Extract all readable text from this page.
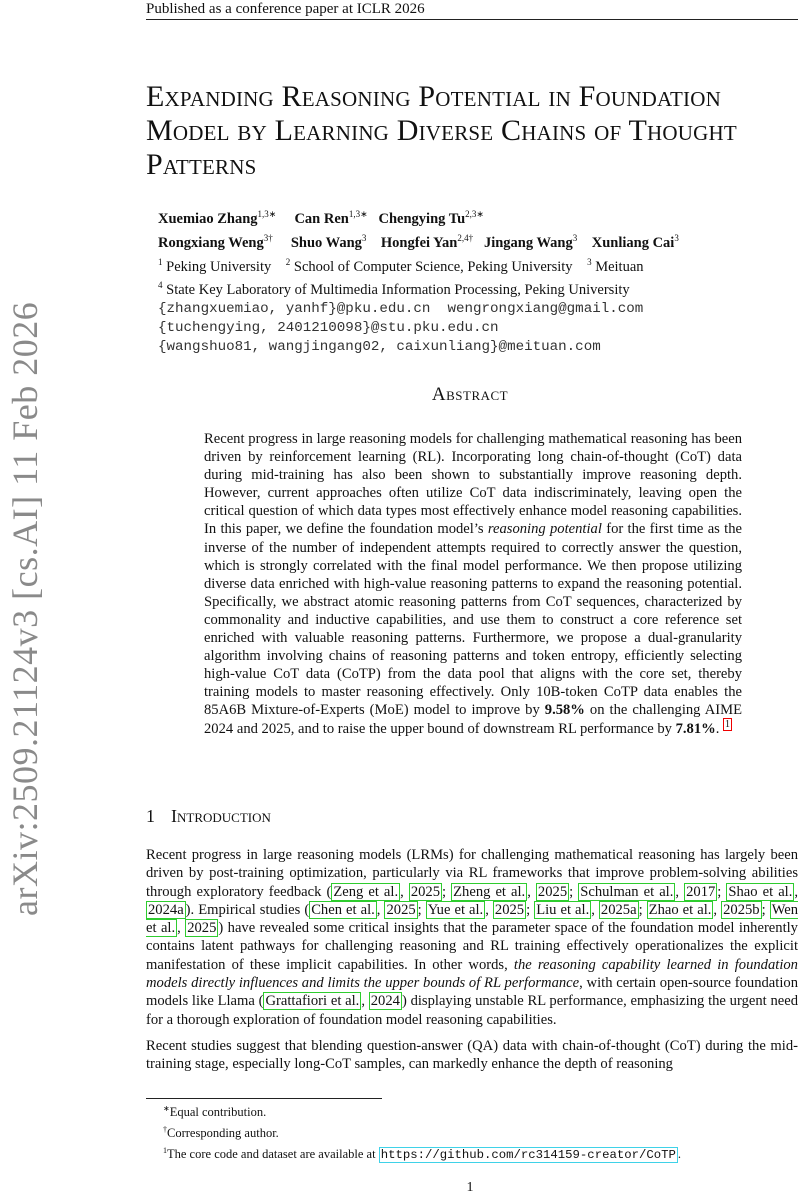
Published as a conference paper at ICLR 2026
arXiv:2509.21124v3 [cs.AI] 11 Feb 2026
Expanding Reasoning Potential in Foundation Model by Learning Diverse Chains of Thought Patterns
Xuemiao Zhang$^{1,3∗}$ Can Ren$^{1,3∗}$ Chengying $Tu^{2,3∗}$
Rongxiang Weng$^{3\dagger}$ Shuo Wang$^3$ Hongfei Yan$^{2,4\dagger}$ Jingang Wang$^3$ Xunliang Cai$^3$
$^1$ Peking University $^2$ School of Computer Science, Peking University $^3$ Meituan
$^4$ State Key Laboratory of Multimedia Information Processing, Peking University
{zhangxuemiao, yanhf}@pku.edu.cn  wengrongxiang@gmail.com
{tuchengying, 2401210098}@stu.pku.edu.cn
{wangshuo81, wangjingang02, caixunliang}@meituan.com
Abstract
Recent progress in large reasoning models for challenging mathematical reasoning has been driven by reinforcement learning (RL). Incorporating long chain-of-thought (CoT) data during mid-training has also been shown to substantially improve reasoning depth. However, current approaches often utilize CoT data indiscriminately, leaving open the critical question of which data types most effectively enhance model reasoning capabilities. In this paper, we define the foundation model’s reasoning potential for the first time as the inverse of the number of independent attempts required to correctly answer the question, which is strongly correlated with the final model performance. We then propose utilizing diverse data enriched with high-value reasoning patterns to expand the reasoning potential. Specifically, we abstract atomic reasoning patterns from CoT sequences, characterized by commonality and inductive capabilities, and use them to construct a core reference set enriched with valuable reasoning patterns. Furthermore, we propose a dual-granularity algorithm involving chains of reasoning patterns and token entropy, efficiently selecting high-value CoT data (CoTP) from the data pool that aligns with the core set, thereby training models to master reasoning effectively. Only 10B-token CoTP data enables the 85A6B Mixture-of-Experts (MoE) model to improve by 9.58% on the challenging AIME 2024 and 2025, and to raise the upper bound of downstream RL performance by 7.81%. $^1$
1 Introduction

Recent progress in large reasoning models (LRMs) for challenging mathematical reasoning has largely been driven by post-training optimization, particularly via RL frameworks that improve problem-solving abilities through exploratory feedback ( Zeng et al. , 2025 ; Zheng et al. , 2025 ; Schulman et al. , 2017 ; Shao et al. , 2024a ). Empirical studies ( Chen et al. , 2025 ; Yue et al. , 2025 ; Liu et al. , 2025a ; Zhao et al. , 2025b ; Wen et al. , 2025 ) have revealed some critical insights that the parameter space of the foundation model inherently contains latent pathways for challenging reasoning and RL training effectively operationalizes the explicit manifestation of these implicit capabilities. In other words, the reasoning capability learned in foundation models directly influences and limits the upper bounds of RL performance, with certain open-source foundation models like Llama ( Grattafiori et al. , 2024 ) displaying unstable RL performance, emphasizing the urgent need for a thorough exploration of foundation model reasoning capabilities.

Recent studies suggest that blending question-answer (QA) data with chain-of-thought (CoT) during the mid-training stage, especially long-CoT samples, can markedly enhance the depth of reasoning

∗Equal contribution.
†Corresponding author.
$^1$The core code and dataset are available at https://github.com/rc314159-creator/CoTP .
1
